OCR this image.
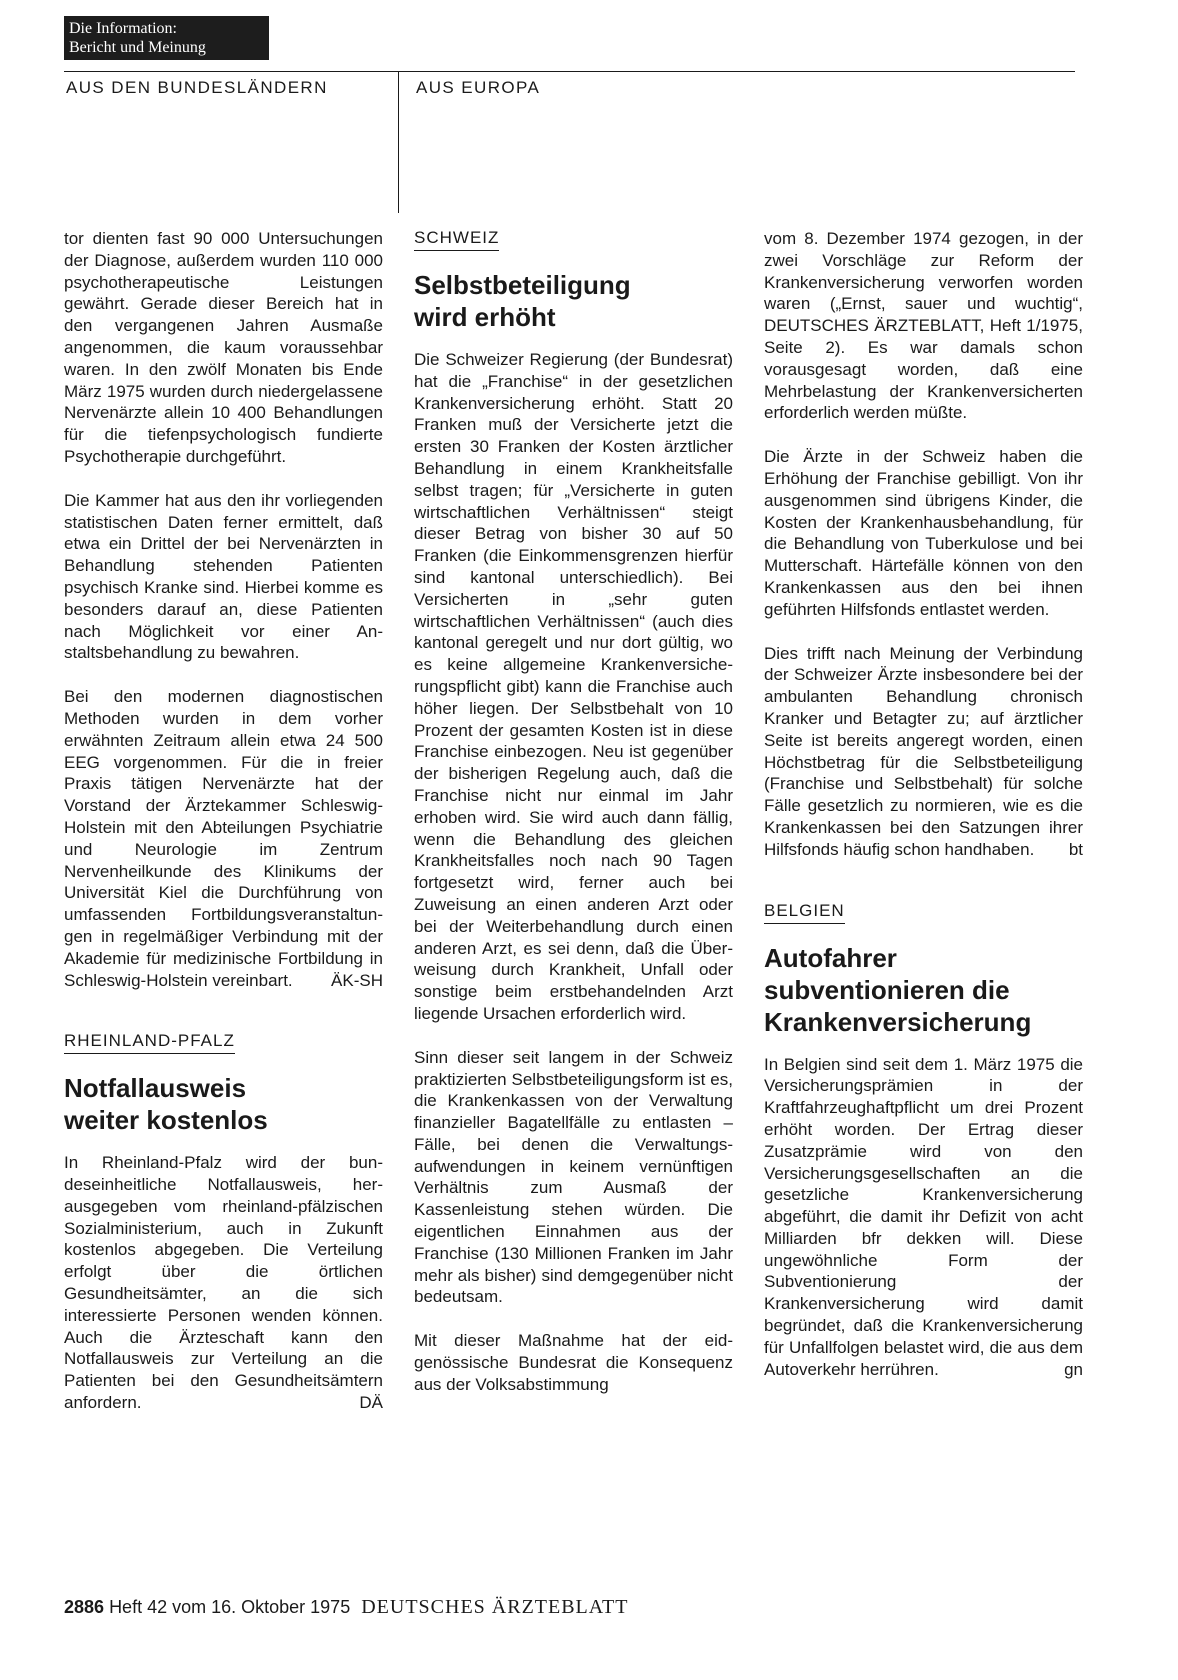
Die Information:
Bericht und Meinung
AUS DEN BUNDESLÄNDERN	AUS EUROPA

tor dienten fast 90 000 Untersuchungen der Diagnose, außerdem wurden 110 000 psychotherapeutische Leistungen gewährt. Gerade dieser Bereich hat in den vergangenen Jahren Ausmaße angenommen, die kaum voraussehbar waren. In den zwölf Monaten bis Ende März 1975 wurden durch niedergelassene Nervenärzte allein 10 400 Behandlungen für die tiefenpsychologisch fundierte Psychotherapie durchgeführt.

Die Kammer hat aus den ihr vorliegenden statistischen Daten ferner ermittelt, daß etwa ein Drittel der bei Nervenärzten in Behandlung stehenden Patienten psychisch Kranke sind. Hierbei komme es besonders darauf an, diese Patienten nach Möglichkeit vor einer Anstaltsbehandlung zu bewahren.

Bei den modernen diagnostischen Methoden wurden in dem vorher erwähnten Zeitraum allein etwa 24 500 EEG vorgenommen. Für die in freier Praxis tätigen Nervenärzte hat der Vorstand der Ärztekammer Schleswig-Holstein mit den Abteilungen Psychiatrie und Neurologie im Zentrum Nervenheilkunde des Klinikums der Universität Kiel die Durchführung von umfassenden Fortbildungsveranstaltungen in regelmäßiger Verbindung mit der Akademie für medizinische Fortbildung in Schleswig-Holstein vereinbart. ÄK-SH

RHEINLAND-PFALZ
Notfallausweis
weiter kostenlos

In Rheinland-Pfalz wird der bundeseinheitliche Notfallausweis, herausgegeben vom rheinland-pfälzischen Sozialministerium, auch in Zukunft kostenlos abgegeben. Die Verteilung erfolgt über die örtlichen Gesundheitsämter, an die sich interessierte Personen wenden können. Auch die Ärzteschaft kann den Notfallausweis zur Verteilung an die Patienten bei den Gesundheitsämtern anfordern.	DÄ

SCHWEIZ
Selbstbeteiligung
wird erhöht

Die Schweizer Regierung (der Bundesrat) hat die „Franchise“ in der gesetzlichen Krankenversicherung erhöht. Statt 20 Franken muß der Versicherte jetzt die ersten 30 Franken der Kosten ärztlicher Behandlung in einem Krankheitsfalle selbst tragen; für „Versicherte in guten wirtschaftlichen Verhältnissen“ steigt dieser Betrag von bisher 30 auf 50 Franken (die Einkommensgrenzen hierfür sind kantonal unterschiedlich). Bei Versicherten in „sehr guten wirtschaftlichen Verhältnissen“ (auch dies kantonal geregelt und nur dort gültig, wo es keine allgemeine Krankenversicherungspflicht gibt) kann die Franchise auch höher liegen. Der Selbstbehalt von 10 Prozent der gesamten Kosten ist in diese Franchise einbezogen. Neu ist gegenüber der bisherigen Regelung auch, daß die Franchise nicht nur einmal im Jahr erhoben wird. Sie wird auch dann fällig, wenn die Behandlung des gleichen Krankheitsfalles noch nach 90 Tagen fortgesetzt wird, ferner auch bei Zuweisung an einen anderen Arzt oder bei der Weiterbehandlung durch einen anderen Arzt, es sei denn, daß die Überweisung durch Krankheit, Unfall oder sonstige beim erstbehandelnden Arzt liegende Ursachen erforderlich wird.

Sinn dieser seit langem in der Schweiz praktizierten Selbstbeteiligungsform ist es, die Krankenkassen von der Verwaltung finanzieller Bagatellfälle zu entlasten – Fälle, bei denen die Verwaltungsaufwendungen in keinem vernünftigen Verhältnis zum Ausmaß der Kassenleistung stehen würden. Die eigentlichen Einnahmen aus der Franchise (130 Millionen Franken im Jahr mehr als bisher) sind demgegenüber nicht bedeutsam.

Mit dieser Maßnahme hat der eidgenössische Bundesrat die Konsequenz aus der Volksabstimmung

vom 8. Dezember 1974 gezogen, in der zwei Vorschläge zur Reform der Krankenversicherung verworfen worden waren („Ernst, sauer und wuchtig“, DEUTSCHES ÄRZTEBLATT, Heft 1/1975, Seite 2). Es war damals schon vorausgesagt worden, daß eine Mehrbelastung der Krankenversicherten erforderlich werden müßte.

Die Ärzte in der Schweiz haben die Erhöhung der Franchise gebilligt. Von ihr ausgenommen sind übrigens Kinder, die Kosten der Krankenhausbehandlung, für die Behandlung von Tuberkulose und bei Mutterschaft. Härtefälle können von den Krankenkassen aus den bei ihnen geführten Hilfsfonds entlastet werden.

Dies trifft nach Meinung der Verbindung der Schweizer Ärzte insbesondere bei der ambulanten Behandlung chronisch Kranker und Betagter zu; auf ärztlicher Seite ist bereits angeregt worden, einen Höchstbetrag für die Selbstbeteiligung (Franchise und Selbstbehalt) für solche Fälle gesetzlich zu normieren, wie es die Krankenkassen bei den Satzungen ihrer Hilfsfonds häufig schon handhaben. bt

BELGIEN
Autofahrer
subventionieren die
Krankenversicherung

In Belgien sind seit dem 1. März 1975 die Versicherungsprämien in der Kraftfahrzeughaftpflicht um drei Prozent erhöht worden. Der Ertrag dieser Zusatzprämie wird von den Versicherungsgesellschaften an die gesetzliche Krankenversicherung abgeführt, die damit ihr Defizit von acht Milliarden bfr dekken will. Diese ungewöhnliche Form der Subventionierung der Krankenversicherung wird damit begründet, daß die Krankenversicherung für Unfallfolgen belastet wird, die aus dem Autoverkehr herrühren.	gn

2886 Heft 42 vom 16. Oktober 1975 DEUTSCHES ÄRZTEBLATT
